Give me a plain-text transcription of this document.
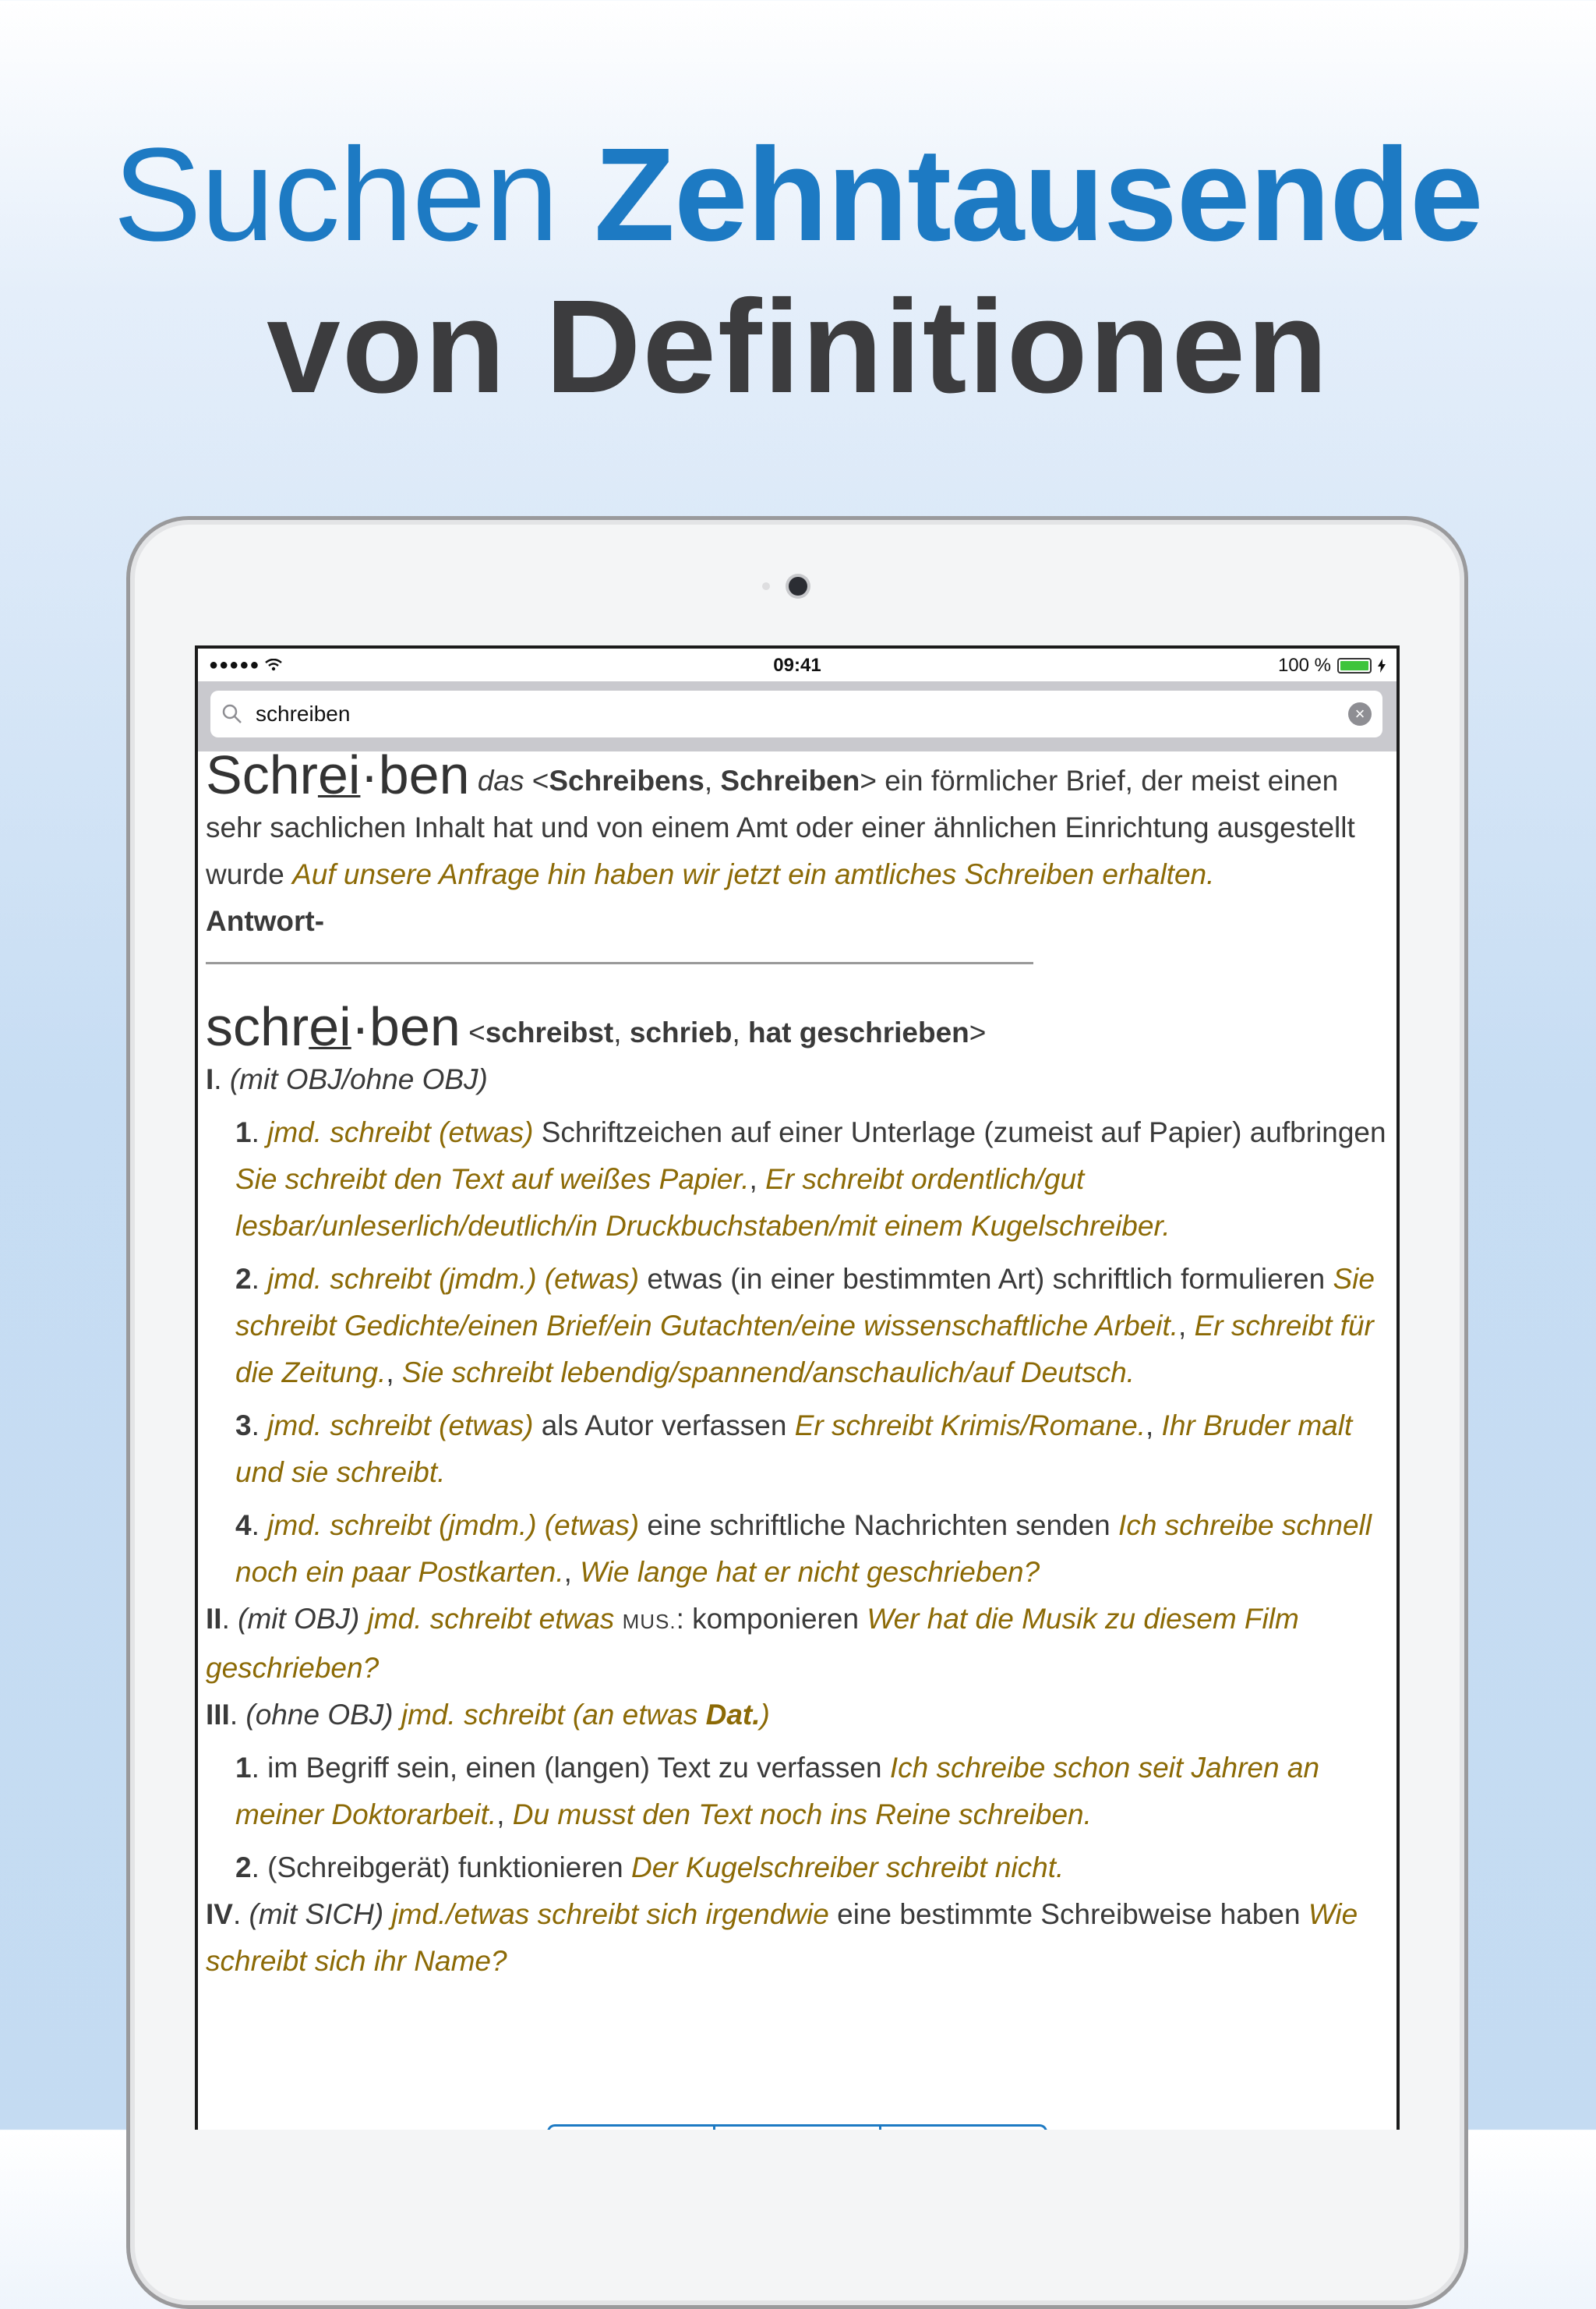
Suchen Zehntausende
von Definitionen
●●●●●	09:41	100 %
schreiben	×

Schrei·ben das <Schreibens, Schreiben> ein förmlicher Brief, der meist einen sehr sachlichen Inhalt hat und von einem Amt oder einer ähnlichen Einrichtung ausgestellt wurde Auf unsere Anfrage hin haben wir jetzt ein amtliches Schreiben erhalten.

Antwort-

schrei·ben <schreibst, schrieb, hat geschrieben>

I. (mit OBJ/ohne OBJ)

1. jmd. schreibt (etwas) Schriftzeichen auf einer Unterlage (zumeist auf Papier) aufbringen Sie schreibt den Text auf weißes Papier., Er schreibt ordentlich/gut lesbar/unleserlich/deutlich/in Druckbuchstaben/mit einem Kugelschreiber.

2. jmd. schreibt (jmdm.) (etwas) etwas (in einer bestimmten Art) schriftlich formulieren Sie schreibt Gedichte/einen Brief/ein Gutachten/eine wissenschaftliche Arbeit., Er schreibt für die Zeitung., Sie schreibt lebendig/spannend/anschaulich/auf Deutsch.

3. jmd. schreibt (etwas) als Autor verfassen Er schreibt Krimis/Romane., Ihr Bruder malt und sie schreibt.

4. jmd. schreibt (jmdm.) (etwas) eine schriftliche Nachrichten senden Ich schreibe schnell noch ein paar Postkarten., Wie lange hat er nicht geschrieben?

II. (mit OBJ) jmd. schreibt etwas MUS.: komponieren Wer hat die Musik zu diesem Film geschrieben?

III. (ohne OBJ) jmd. schreibt (an etwas Dat.)

1. im Begriff sein, einen (langen) Text zu verfassen Ich schreibe schon seit Jahren an meiner Doktorarbeit., Du musst den Text noch ins Reine schreiben.

2. (Schreibgerät) funktionieren Der Kugelschreiber schreibt nicht.

IV. (mit SICH) jmd./etwas schreibt sich irgendwie eine bestimmte Schreibweise haben Wie schreibt sich ihr Name?
